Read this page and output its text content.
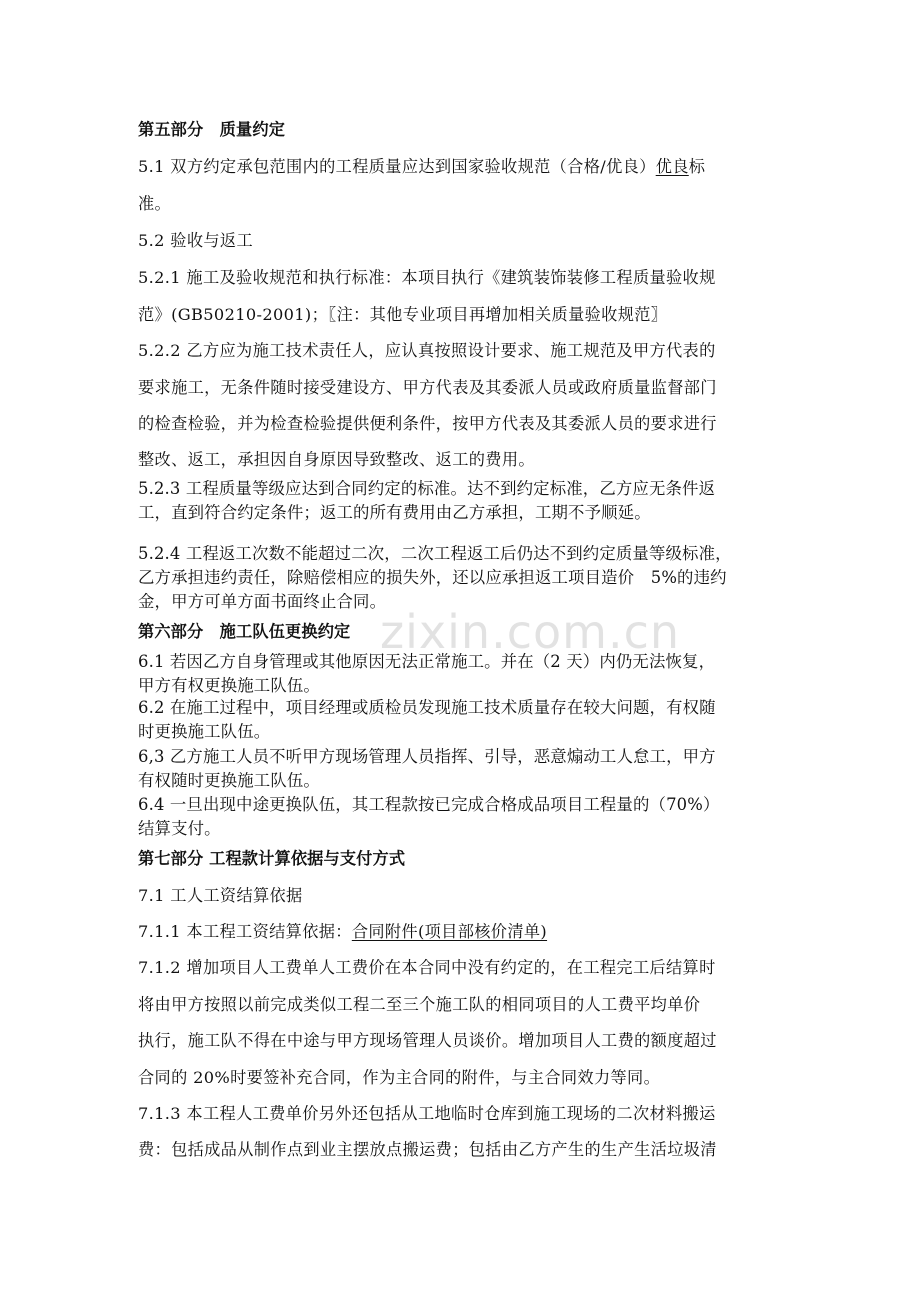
zixin.com.cn
第五部分　质量约定
5.1 双方约定承包范围内的工程质量应达到国家验收规范（合格/优良）优良标
准。
5.2 验收与返工
5.2.1 施工及验收规范和执行标准：本项目执行《建筑装饰装修工程质量验收规
范》(GB50210-2001)；〖注：其他专业项目再增加相关质量验收规范〗
5.2.2 乙方应为施工技术责任人，应认真按照设计要求、施工规范及甲方代表的
要求施工，无条件随时接受建设方、甲方代表及其委派人员或政府质量监督部门
的检查检验，并为检查检验提供便利条件，按甲方代表及其委派人员的要求进行
整改、返工，承担因自身原因导致整改、返工的费用。
5.2.3 工程质量等级应达到合同约定的标准。达不到约定标准，乙方应无条件返
工，直到符合约定条件；返工的所有费用由乙方承担，工期不予顺延。
5.2.4 工程返工次数不能超过二次，二次工程返工后仍达不到约定质量等级标准，
乙方承担违约责任，除赔偿相应的损失外，还以应承担返工项目造价　5%的违约
金，甲方可单方面书面终止合同。
第六部分　施工队伍更换约定
6.1 若因乙方自身管理或其他原因无法正常施工。并在（2 天）内仍无法恢复，
甲方有权更换施工队伍。
6.2 在施工过程中，项目经理或质检员发现施工技术质量存在较大问题，有权随
时更换施工队伍。
6,3 乙方施工人员不听甲方现场管理人员指挥、引导，恶意煽动工人怠工，甲方
有权随时更换施工队伍。
6.4 一旦出现中途更换队伍，其工程款按已完成合格成品项目工程量的（70%）
结算支付。
第七部分 工程款计算依据与支付方式
7.1 工人工资结算依据
7.1.1 本工程工资结算依据：合同附件(项目部核价清单)
7.1.2 增加项目人工费单人工费价在本合同中没有约定的，在工程完工后结算时
将由甲方按照以前完成类似工程二至三个施工队的相同项目的人工费平均单价
执行，施工队不得在中途与甲方现场管理人员谈价。增加项目人工费的额度超过
合同的 20%时要签补充合同，作为主合同的附件，与主合同效力等同。
7.1.3 本工程人工费单价另外还包括从工地临时仓库到施工现场的二次材料搬运
费：包括成品从制作点到业主摆放点搬运费；包括由乙方产生的生产生活垃圾清
